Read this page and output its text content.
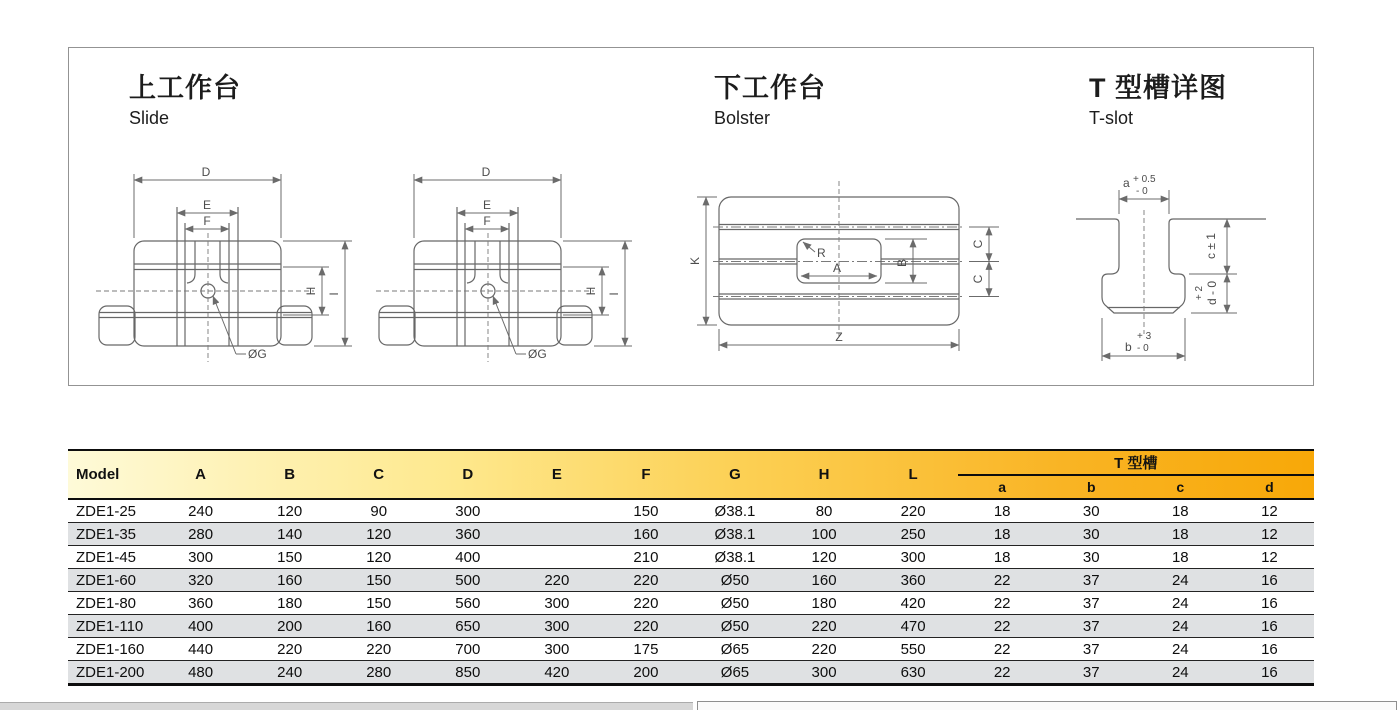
上工作台
Slide
下工作台
Bolster
T 型槽详图
T-slot
D
E
F
H I
ØG
D
E
F
H I
ØG
R
A	B
K
Z
C
C
a + 0.5
- 0
c ± 1
+ 2 d - 0
+ 3
b - 0
Model	A	B	C	D	E	F	G	H	L	T 型槽			
										a	b	c	d
ZDE1-25	240	120	90	300		150	Ø38.1	80	220	18	30	18	12
ZDE1-35	280	140	120	360		160	Ø38.1	100	250	18	30	18	12
ZDE1-45	300	150	120	400		210	Ø38.1	120	300	18	30	18	12
ZDE1-60	320	160	150	500	220	220	Ø50	160	360	22	37	24	16
ZDE1-80	360	180	150	560	300	220	Ø50	180	420	22	37	24	16
ZDE1-110	400	200	160	650	300	220	Ø50	220	470	22	37	24	16
ZDE1-160	440	220	220	700	300	175	Ø65	220	550	22	37	24	16
ZDE1-200	480	240	280	850	420	200	Ø65	300	630	22	37	24	16
